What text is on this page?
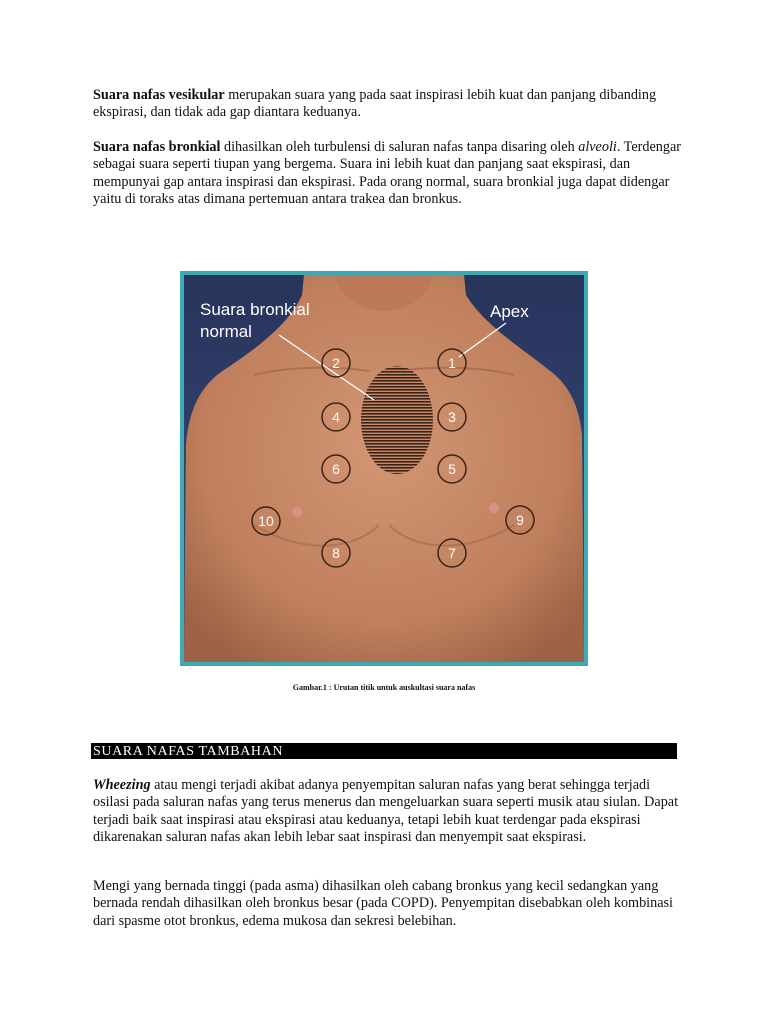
Suara nafas vesikular merupakan suara yang pada saat inspirasi lebih kuat dan panjang dibanding ekspirasi, dan tidak ada gap diantara keduanya.

Suara nafas bronkial dihasilkan oleh turbulensi di saluran nafas tanpa disaring oleh alveoli. Terdengar sebagai suara seperti tiupan yang bergema. Suara ini lebih kuat dan panjang saat ekspirasi, dan mempunyai gap antara inspirasi dan ekspirasi. Pada orang normal, suara bronkial juga dapat didengar yaitu di toraks atas dimana pertemuan antara trakea dan bronkus.

Suara bronkial
normal
Apex
1
2
3
4
5
6
7
8
9
10
Gambar.1 : Urutan titik untuk auskultasi suara nafas
SUARA NAFAS TAMBAHAN

Wheezing atau mengi terjadi akibat adanya penyempitan saluran nafas yang berat sehingga terjadi osilasi pada saluran nafas yang terus menerus dan mengeluarkan suara seperti musik atau siulan. Dapat terjadi baik saat inspirasi atau ekspirasi atau keduanya, tetapi lebih kuat terdengar pada ekspirasi dikarenakan saluran nafas akan lebih lebar saat inspirasi dan menyempit saat ekspirasi.

Mengi yang bernada tinggi (pada asma) dihasilkan oleh cabang bronkus yang kecil sedangkan yang bernada rendah dihasilkan oleh bronkus besar (pada COPD). Penyempitan disebabkan oleh kombinasi dari spasme otot bronkus, edema mukosa dan sekresi belebihan.
